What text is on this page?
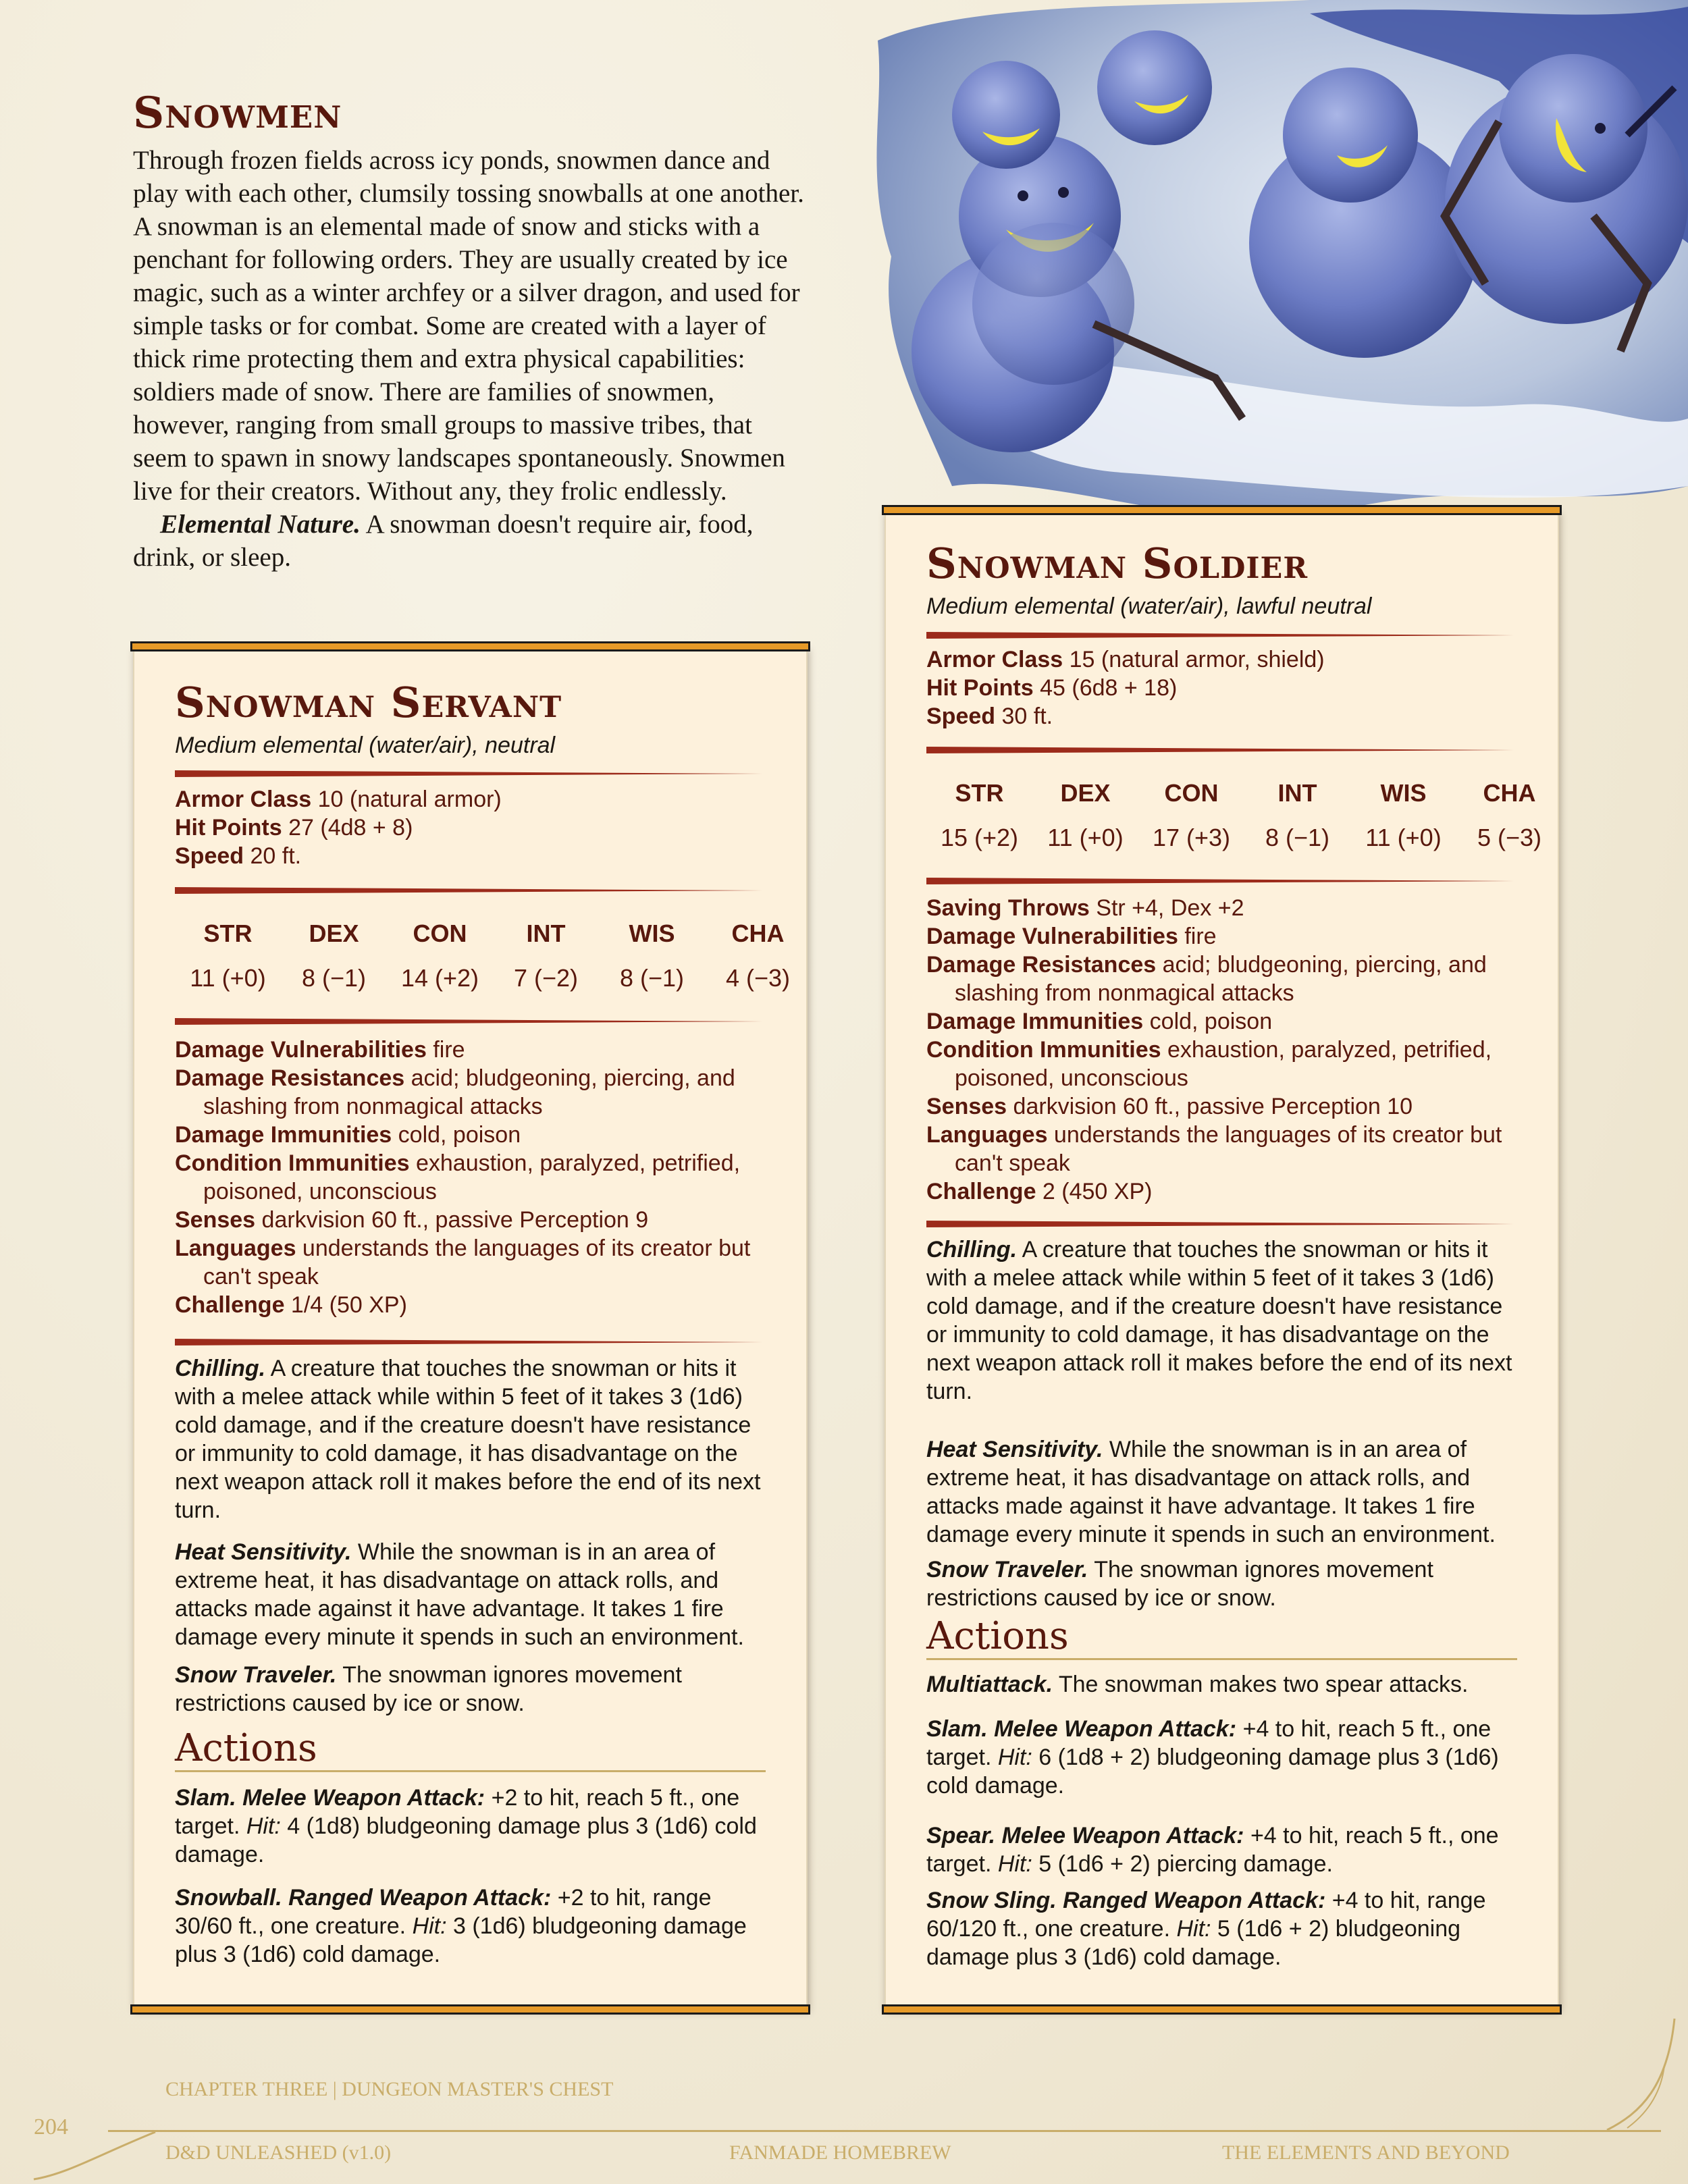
Snowmen

Through frozen fields across icy ponds, snowmen dance and play with each other, clumsily tossing snowballs at one another. A snowman is an elemental made of snow and sticks with a penchant for following orders. They are usually created by ice magic, such as a winter archfey or a silver dragon, and used for simple tasks or for combat. Some are created with a layer of thick rime protecting them and extra physical capabilities: soldiers made of snow. There are families of snowmen, however, ranging from small groups to massive tribes, that seem to spawn in snowy landscapes spontaneously. Snowmen live for their creators. Without any, they frolic endlessly.

Elemental Nature. A snowman doesn't require air, food, drink, or sleep.

Snowman Servant
Medium elemental (water/air), neutral
Armor Class 10 (natural armor)
Hit Points 27 (4d8 + 8)
Speed 20 ft.
STR
11 (+0)
DEX
8 (−1)
CON
14 (+2)
INT
7 (−2)
WIS
8 (−1)
CHA
4 (−3)
Damage Vulnerabilities fire
Damage Resistances acid; bludgeoning, piercing, and slashing from nonmagical attacks
Damage Immunities cold, poison
Condition Immunities exhaustion, paralyzed, petrified, poisoned, unconscious
Senses darkvision 60 ft., passive Perception 9
Languages understands the languages of its creator but can't speak
Challenge 1/4 (50 XP)
Chilling. A creature that touches the snowman or hits it with a melee attack while within 5 feet of it takes 3 (1d6) cold damage, and if the creature doesn't have resistance or immunity to cold damage, it has disadvantage on the next weapon attack roll it makes before the end of its next turn.
Heat Sensitivity. While the snowman is in an area of extreme heat, it has disadvantage on attack rolls, and attacks made against it have advantage. It takes 1 fire damage every minute it spends in such an environment.
Snow Traveler. The snowman ignores movement restrictions caused by ice or snow.
Actions
Slam. Melee Weapon Attack: +2 to hit, reach 5 ft., one target. Hit: 4 (1d8) bludgeoning damage plus 3 (1d6) cold damage.
Snowball. Ranged Weapon Attack: +2 to hit, range 30/60 ft., one creature. Hit: 3 (1d6) bludgeoning damage plus 3 (1d6) cold damage.
Snowman Soldier
Medium elemental (water/air), lawful neutral
Armor Class 15 (natural armor, shield)
Hit Points 45 (6d8 + 18)
Speed 30 ft.
STR
15 (+2)
DEX
11 (+0)
CON
17 (+3)
INT
8 (−1)
WIS
11 (+0)
CHA
5 (−3)
Saving Throws Str +4, Dex +2
Damage Vulnerabilities fire
Damage Resistances acid; bludgeoning, piercing, and slashing from nonmagical attacks
Damage Immunities cold, poison
Condition Immunities exhaustion, paralyzed, petrified, poisoned, unconscious
Senses darkvision 60 ft., passive Perception 10
Languages understands the languages of its creator but can't speak
Challenge 2 (450 XP)
Chilling. A creature that touches the snowman or hits it with a melee attack while within 5 feet of it takes 3 (1d6) cold damage, and if the creature doesn't have resistance or immunity to cold damage, it has disadvantage on the next weapon attack roll it makes before the end of its next turn.
Heat Sensitivity. While the snowman is in an area of extreme heat, it has disadvantage on attack rolls, and attacks made against it have advantage. It takes 1 fire damage every minute it spends in such an environment.
Snow Traveler. The snowman ignores movement restrictions caused by ice or snow.
Actions
Multiattack. The snowman makes two spear attacks.
Slam. Melee Weapon Attack: +4 to hit, reach 5 ft., one target. Hit: 6 (1d8 + 2) bludgeoning damage plus 3 (1d6) cold damage.
Spear. Melee Weapon Attack: +4 to hit, reach 5 ft., one target. Hit: 5 (1d6 + 2) piercing damage.
Snow Sling. Ranged Weapon Attack: +4 to hit, range 60/120 ft., one creature. Hit: 5 (1d6 + 2) bludgeoning damage plus 3 (1d6) cold damage.
CHAPTER THREE | DUNGEON MASTER'S CHEST
204
D&D UNLEASHED (v1.0)	FANMADE HOMEBREW	THE ELEMENTS AND BEYOND
